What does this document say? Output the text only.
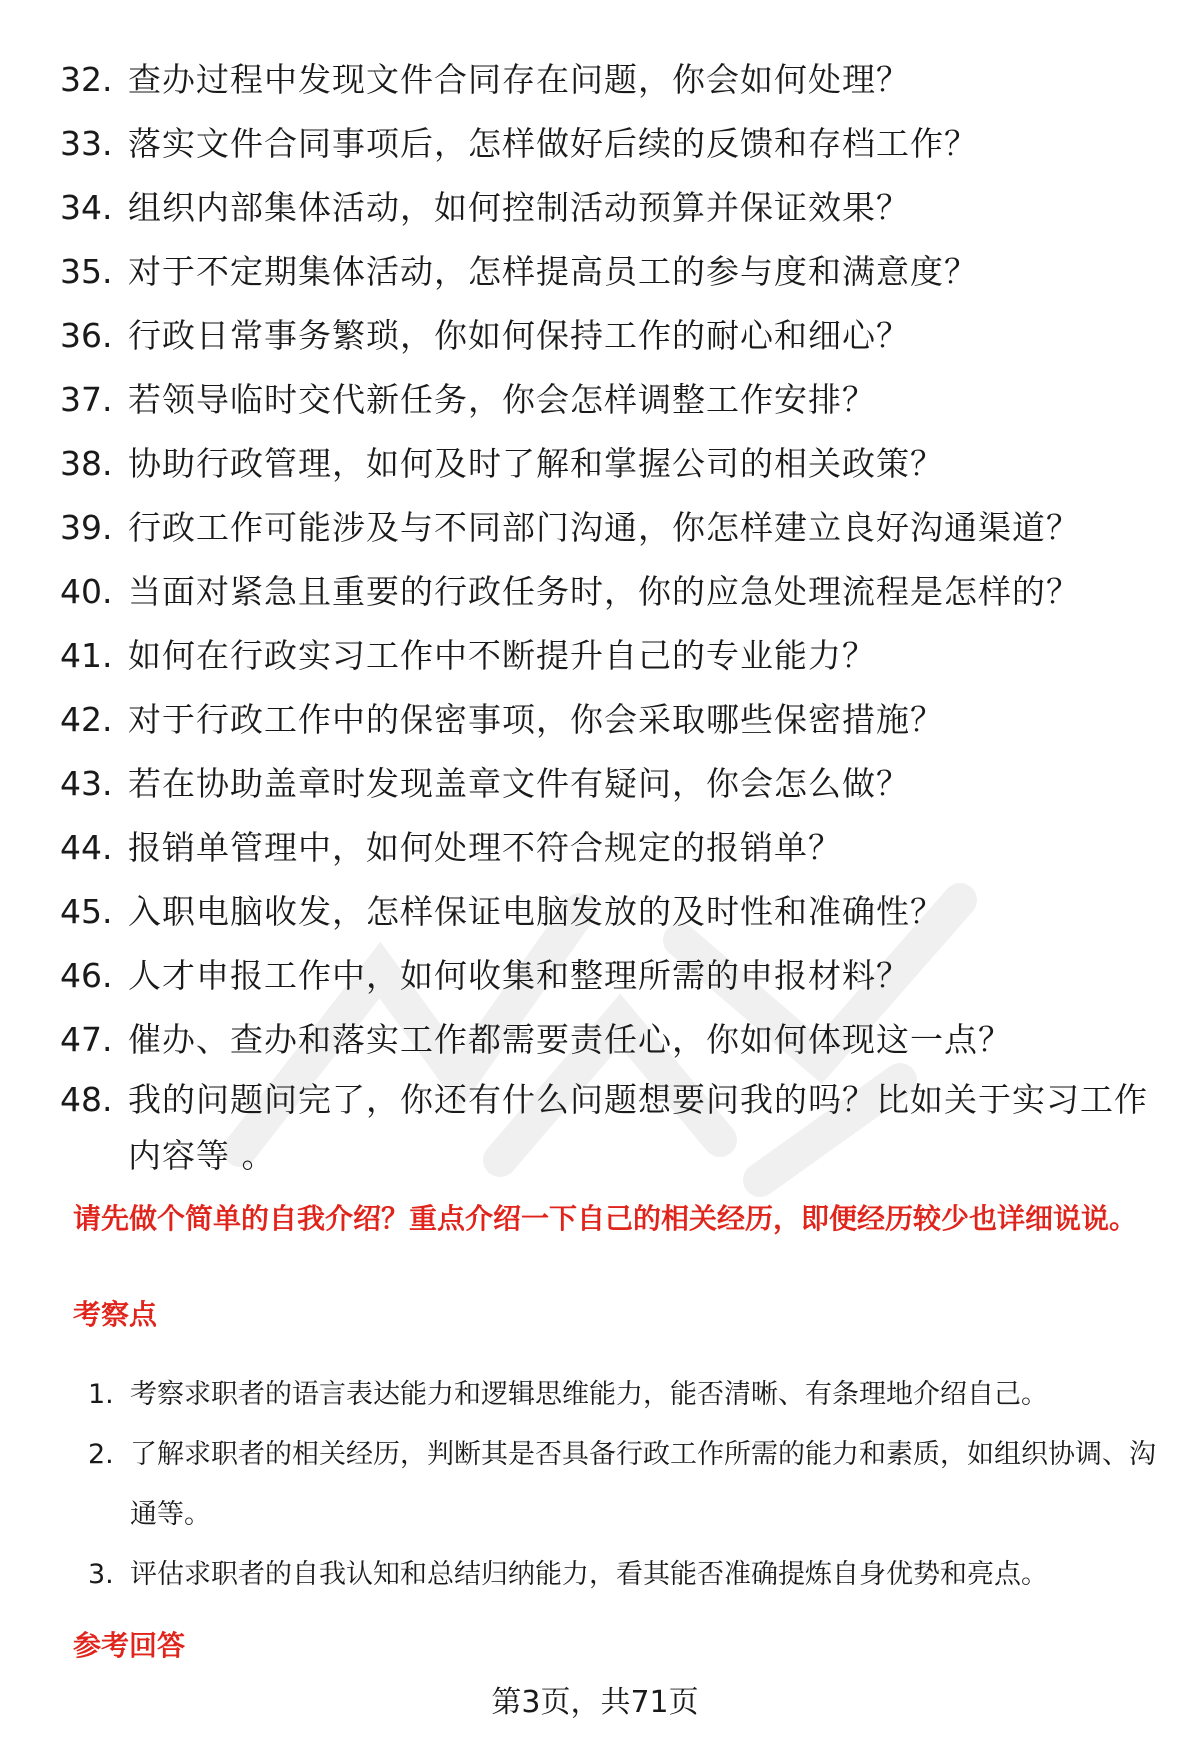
32. 查办过程中发现文件合同存在问题，你会如何处理？
33. 落实文件合同事项后，怎样做好后续的反馈和存档工作？
34. 组织内部集体活动，如何控制活动预算并保证效果？
35. 对于不定期集体活动，怎样提高员工的参与度和满意度？
36. 行政日常事务繁琐，你如何保持工作的耐心和细心？
37. 若领导临时交代新任务，你会怎样调整工作安排？
38. 协助行政管理，如何及时了解和掌握公司的相关政策？
39. 行政工作可能涉及与不同部门沟通，你怎样建立良好沟通渠道？
40. 当面对紧急且重要的行政任务时，你的应急处理流程是怎样的？
41. 如何在行政实习工作中不断提升自己的专业能力？
42. 对于行政工作中的保密事项，你会采取哪些保密措施？
43. 若在协助盖章时发现盖章文件有疑问，你会怎么做？
44. 报销单管理中，如何处理不符合规定的报销单？
45. 入职电脑收发，怎样保证电脑发放的及时性和准确性？
46. 人才申报工作中，如何收集和整理所需的申报材料？
47. 催办、查办和落实工作都需要责任心，你如何体现这一点？
48. 我的问题问完了，你还有什么问题想要问我的吗？比如关于实习工作内容等 。
请先做个简单的自我介绍？重点介绍一下自己的相关经历，即便经历较少也详细说说。
考察点
1. 考察求职者的语言表达能力和逻辑思维能力，能否清晰、有条理地介绍自己。
2. 了解求职者的相关经历，判断其是否具备行政工作所需的能力和素质，如组织协调、沟通等。
3. 评估求职者的自我认知和总结归纳能力，看其能否准确提炼自身优势和亮点。
参考回答
第3页，共71页
